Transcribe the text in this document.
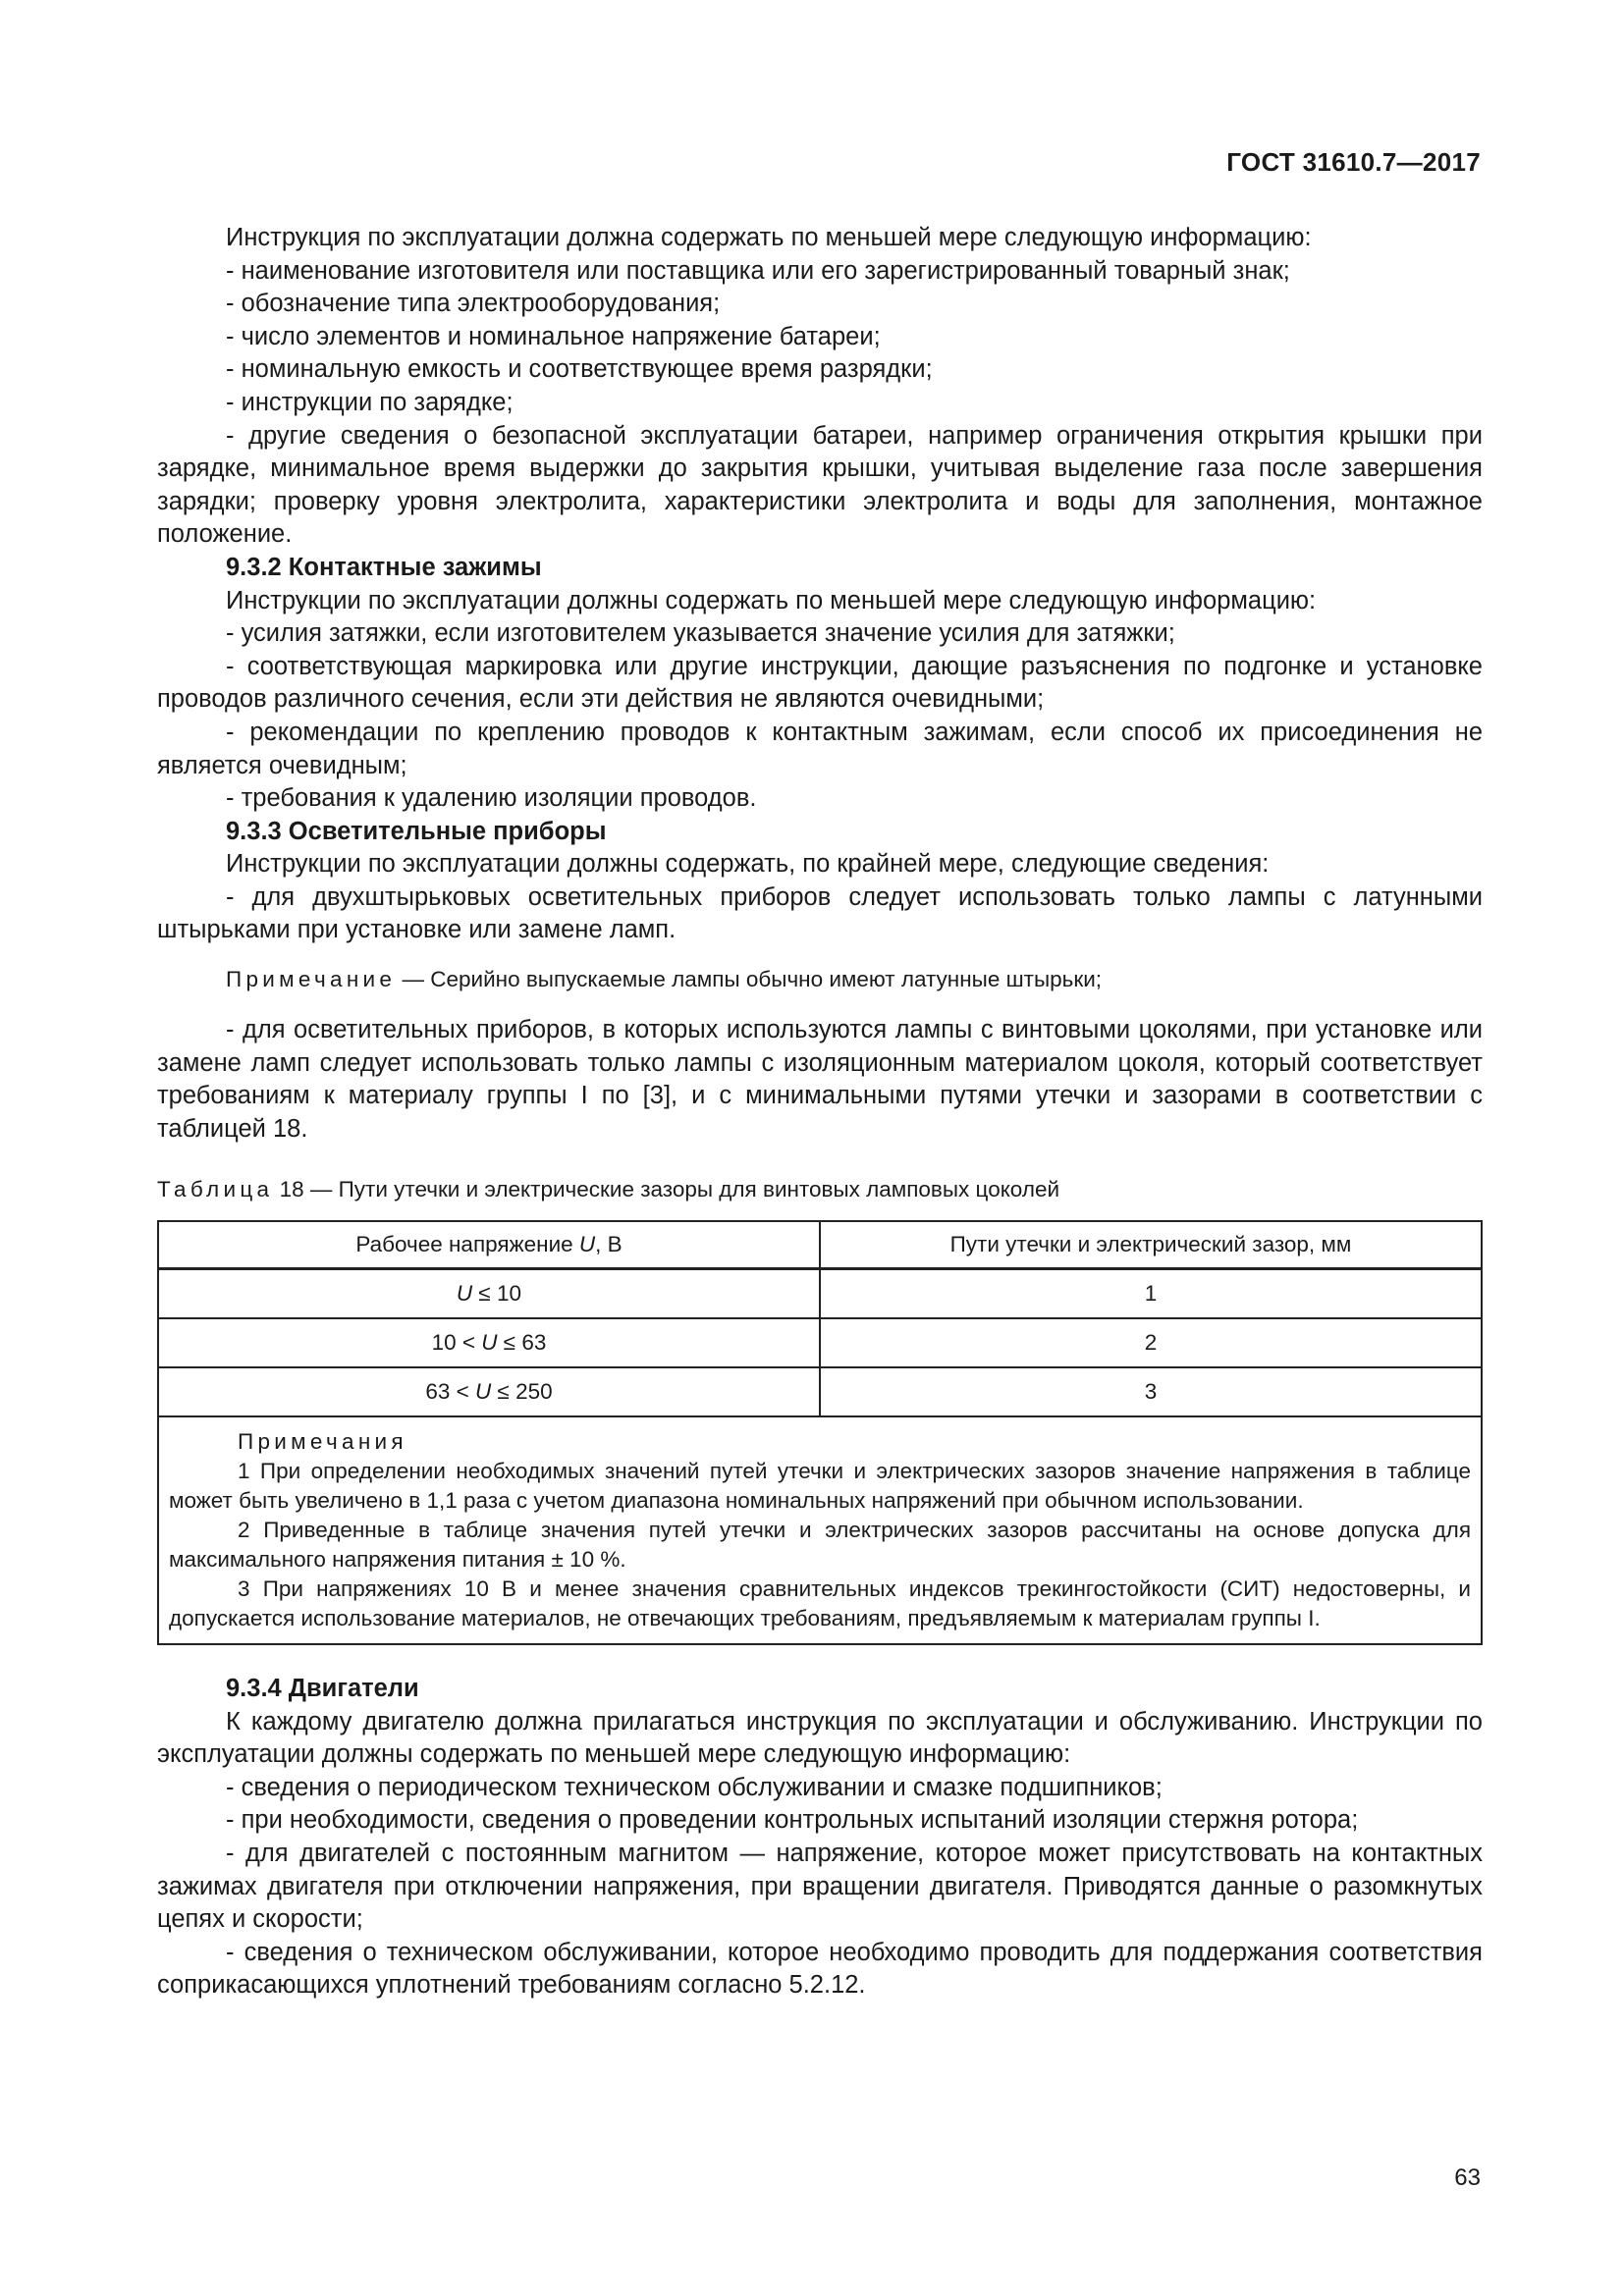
ГОСТ 31610.7—2017

Инструкция по эксплуатации должна содержать по меньшей мере следующую информацию:

- наименование изготовителя или поставщика или его зарегистрированный товарный знак;

- обозначение типа электрооборудования;

- число элементов и номинальное напряжение батареи;

- номинальную емкость и соответствующее время разрядки;

- инструкции по зарядке;

- другие сведения о безопасной эксплуатации батареи, например ограничения открытия крышки при зарядке, минимальное время выдержки до закрытия крышки, учитывая выделение газа после завершения зарядки; проверку уровня электролита, характеристики электролита и воды для заполнения, монтажное положение.

9.3.2 Контактные зажимы

Инструкции по эксплуатации должны содержать по меньшей мере следующую информацию:

- усилия затяжки, если изготовителем указывается значение усилия для затяжки;

- соответствующая маркировка или другие инструкции, дающие разъяснения по подгонке и установке проводов различного сечения, если эти действия не являются очевидными;

- рекомендации по креплению проводов к контактным зажимам, если способ их присоединения не является очевидным;

- требования к удалению изоляции проводов.

9.3.3 Осветительные приборы

Инструкции по эксплуатации должны содержать, по крайней мере, следующие сведения:

- для двухштырьковых осветительных приборов следует использовать только лампы с латунными штырьками при установке или замене ламп.

Примечание — Серийно выпускаемые лампы обычно имеют латунные штырьки;

- для осветительных приборов, в которых используются лампы с винтовыми цоколями, при установке или замене ламп следует использовать только лампы с изоляционным материалом цоколя, который соответствует требованиям к материалу группы I по [3], и с минимальными путями утечки и зазорами в соответствии с таблицей 18.

Таблица 18 — Пути утечки и электрические зазоры для винтовых ламповых цоколей
Рабочее напряжение U, В	Пути утечки и электрический зазор, мм
U ≤ 10	1
10 < U ≤ 63	2
63 < U ≤ 250	3

Примечания

1 При определении необходимых значений путей утечки и электрических зазоров значение напряжения в таблице может быть увеличено в 1,1 раза с учетом диапазона номинальных напряжений при обычном использовании.

2 Приведенные в таблице значения путей утечки и электрических зазоров рассчитаны на основе допуска для максимального напряжения питания ± 10 %.

3 При напряжениях 10 В и менее значения сравнительных индексов трекингостойкости (СИТ) недостоверны, и допускается использование материалов, не отвечающих требованиям, предъявляемым к материалам группы I.

9.3.4 Двигатели

К каждому двигателю должна прилагаться инструкция по эксплуатации и обслуживанию. Инструкции по эксплуатации должны содержать по меньшей мере следующую информацию:

- сведения о периодическом техническом обслуживании и смазке подшипников;

- при необходимости, сведения о проведении контрольных испытаний изоляции стержня ротора;

- для двигателей с постоянным магнитом — напряжение, которое может присутствовать на контактных зажимах двигателя при отключении напряжения, при вращении двигателя. Приводятся данные о разомкнутых цепях и скорости;

- сведения о техническом обслуживании, которое необходимо проводить для поддержания соответствия соприкасающихся уплотнений требованиям согласно 5.2.12.

63
